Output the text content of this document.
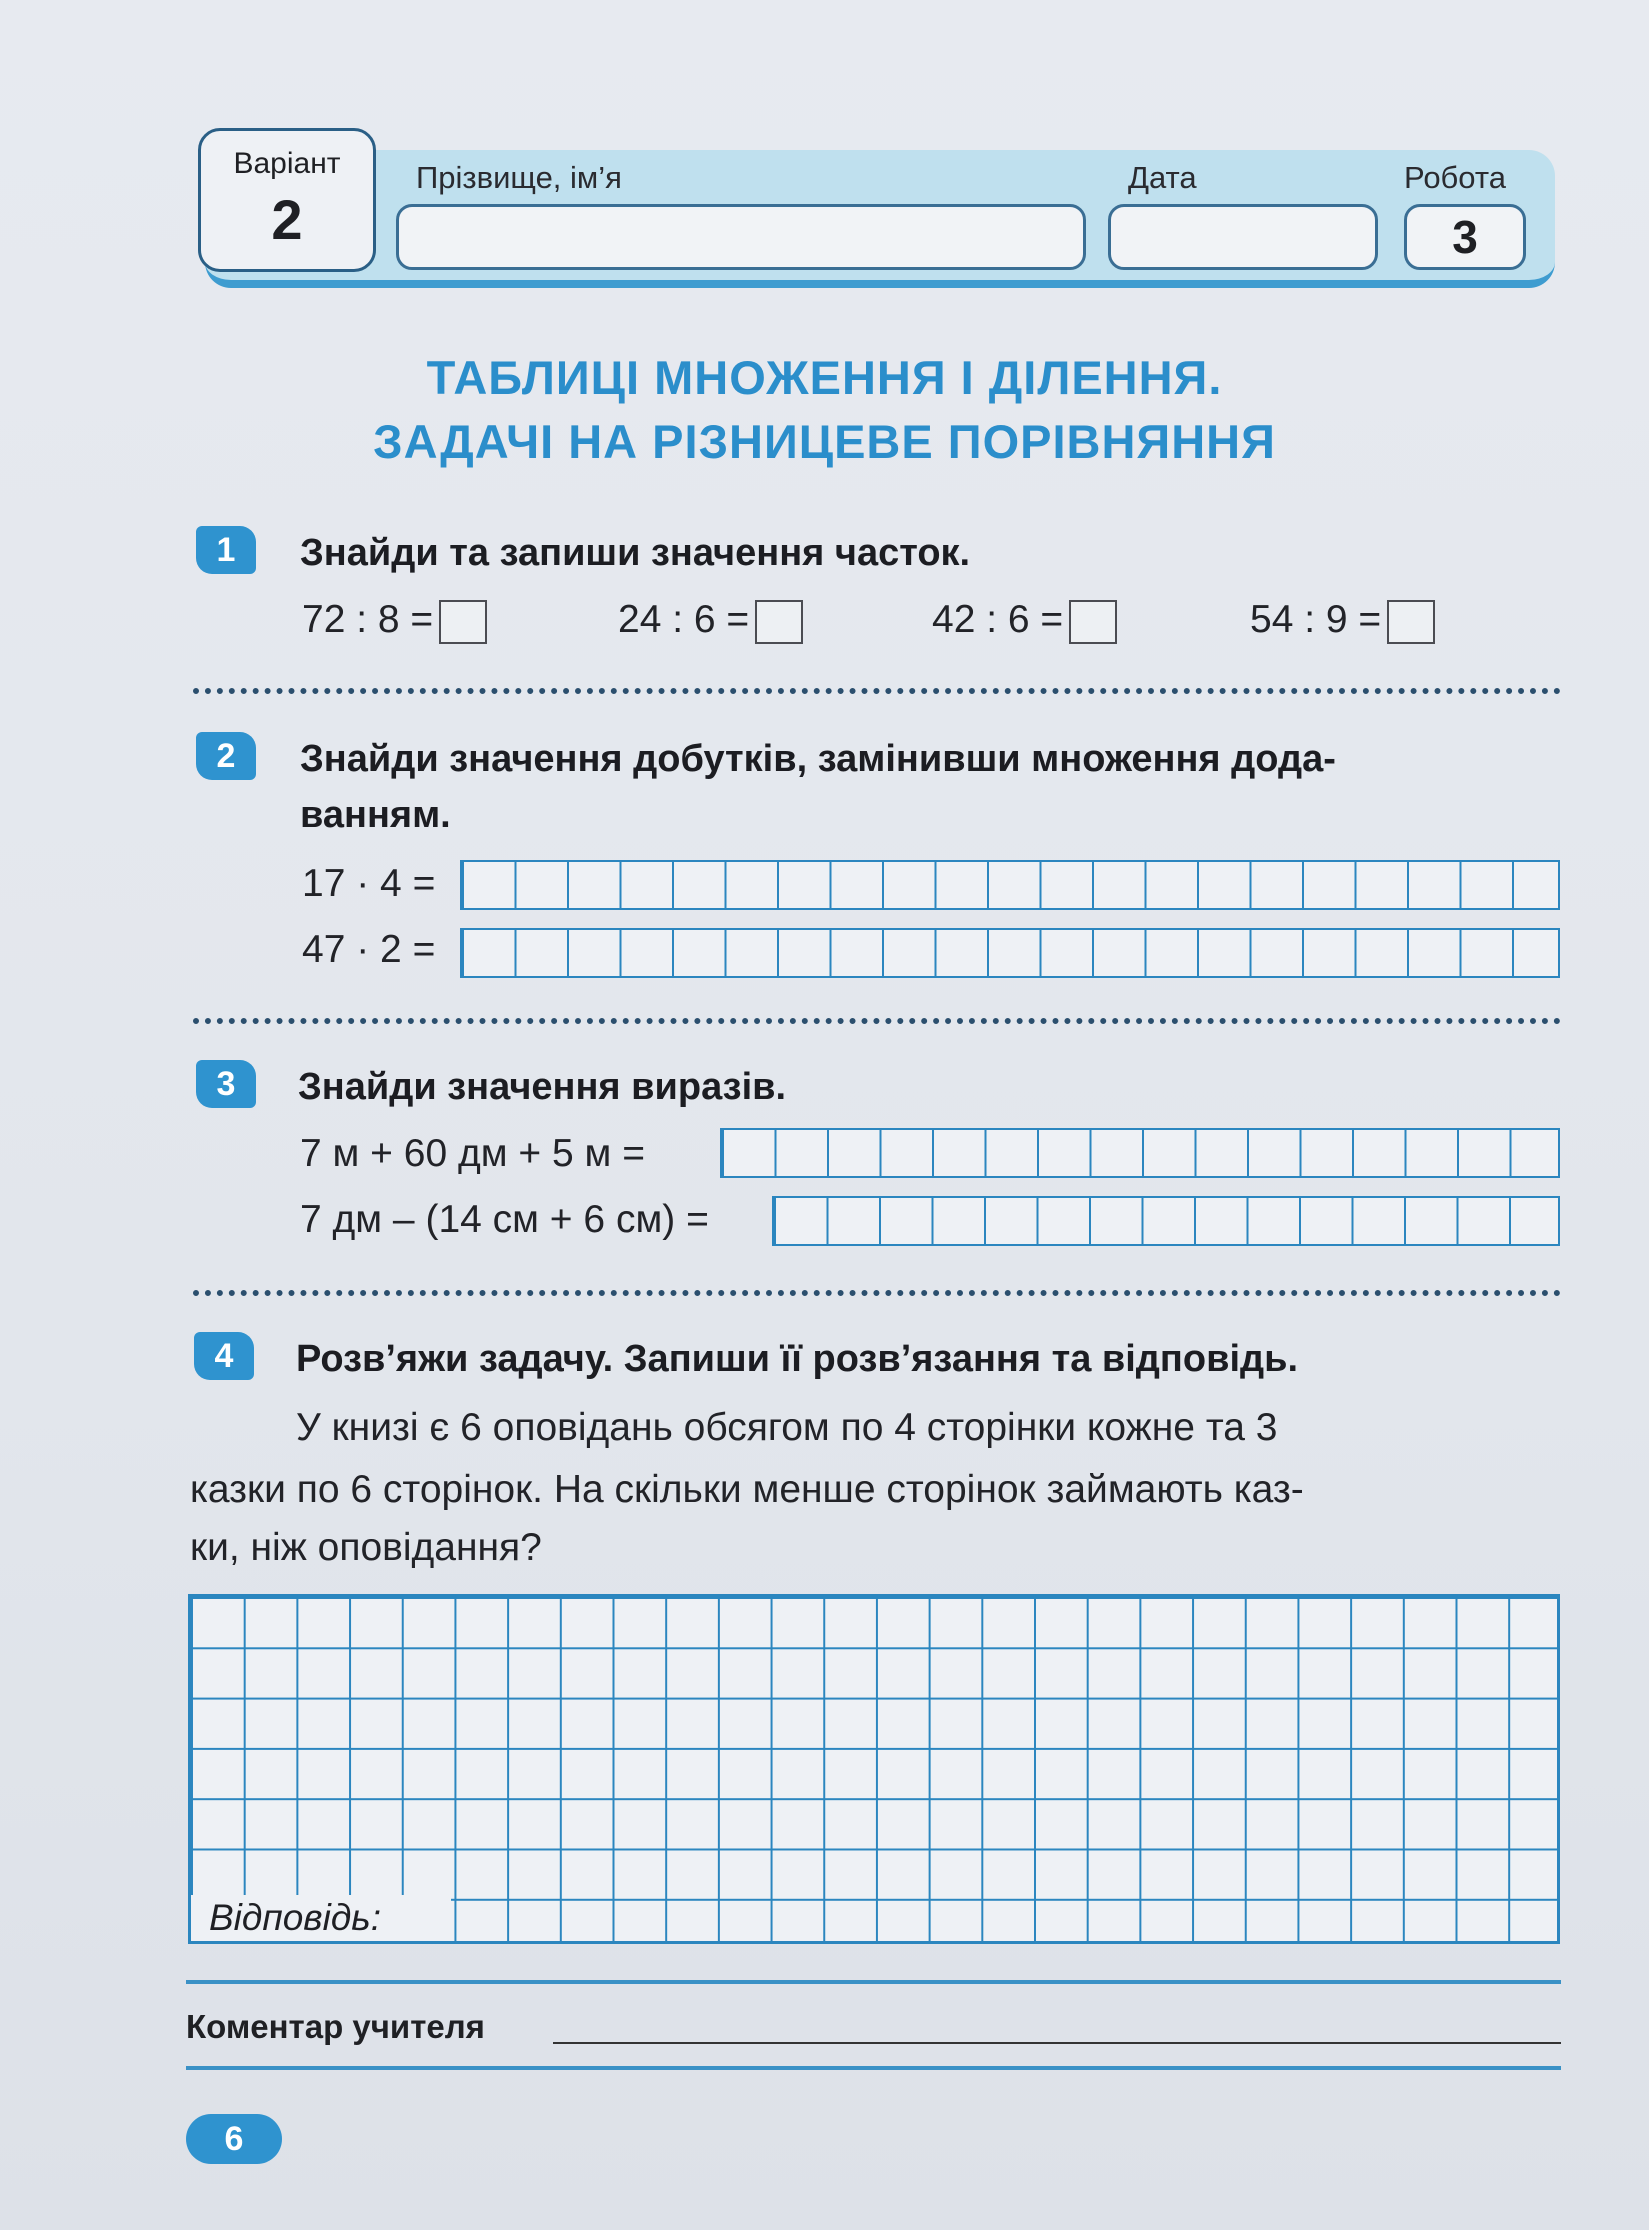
Варіант
2
Прізвище, ім’я	Дата	Робота
3
ТАБЛИЦІ МНОЖЕННЯ І ДІЛЕННЯ.
ЗАДАЧІ НА РІЗНИЦЕВЕ ПОРІВНЯННЯ
1	Знайди та запиши значення часток.
72 : 8 =	24 : 6 =	42 : 6 =	54 : 9 =
2	Знайди значення добутків, замінивши множення дода-
ванням.
17 · 4 =
47 · 2 =
3	Знайди значення виразів.
7 м + 60 дм + 5 м =
7 дм – (14 см + 6 см) =
4	Розв’яжи задачу. Запиши її розв’язання та відповідь.
У книзі є 6 оповідань обсягом по 4 сторінки кожне та 3
казки по 6 сторінок. На скільки менше сторінок займають каз-
ки, ніж оповідання?
Відповідь:
Коментар учителя
6
